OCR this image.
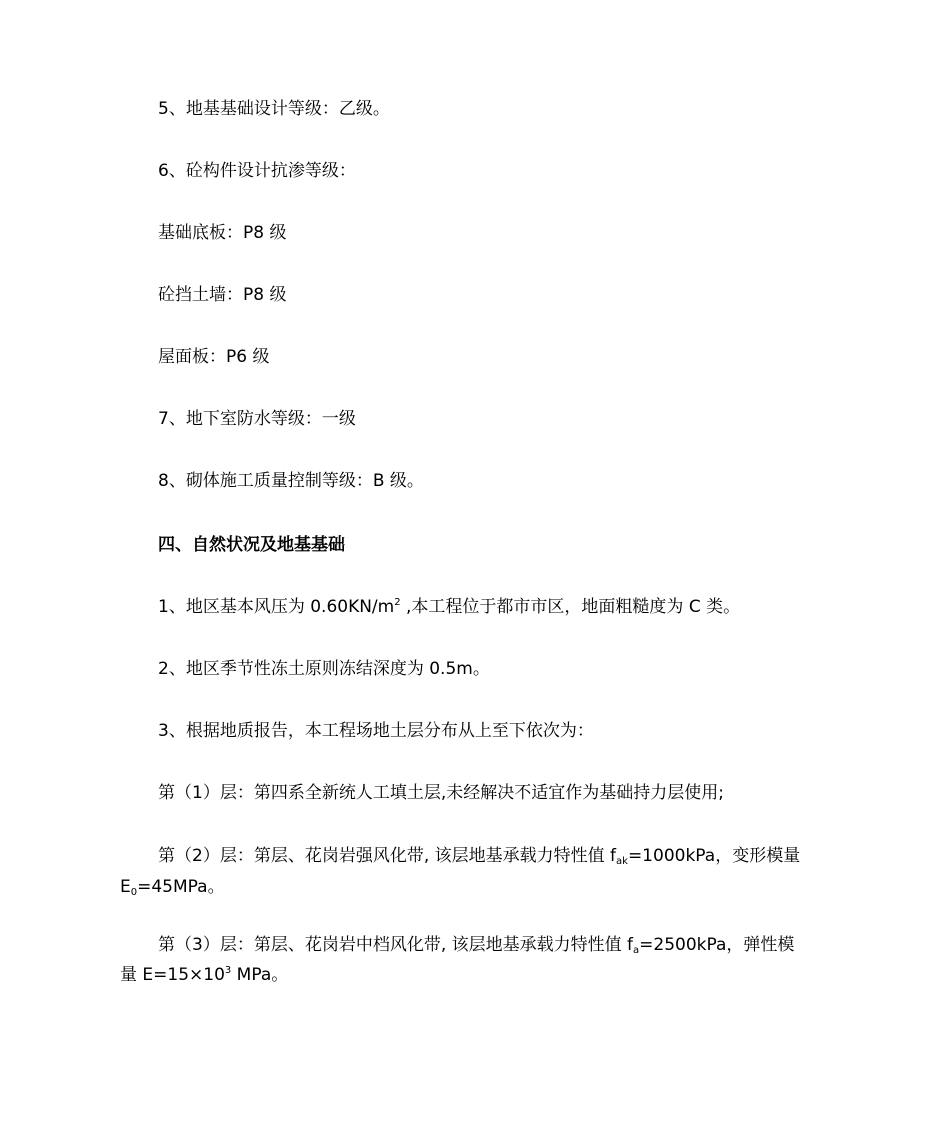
5、地基基础设计等级：乙级。
6、砼构件设计抗渗等级：
基础底板：P8 级
砼挡土墙：P8 级
屋面板：P6 级
7、地下室防水等级：一级
8、砌体施工质量控制等级：B 级。
四、自然状况及地基基础
1、地区基本风压为 $0.60KN/m^2$ ,本工程位于都市市区，地面粗糙度为 C 类。
2、地区季节性冻土原则冻结深度为 0.5m。
3、根据地质报告，本工程场地土层分布从上至下依次为：
第（1）层：第四系全新统人工填土层,未经解决不适宜作为基础持力层使用;
第（2）层：第层、花岗岩强风化带, 该层地基承载力特性值 $f_{ak}=1000kPa$，变形模量
$E_0=45MPa$。
第（3）层：第层、花岗岩中档风化带, 该层地基承载力特性值 $f_a=2500kPa$，弹性模
量 $E=15\times 10^3$ MPa。
